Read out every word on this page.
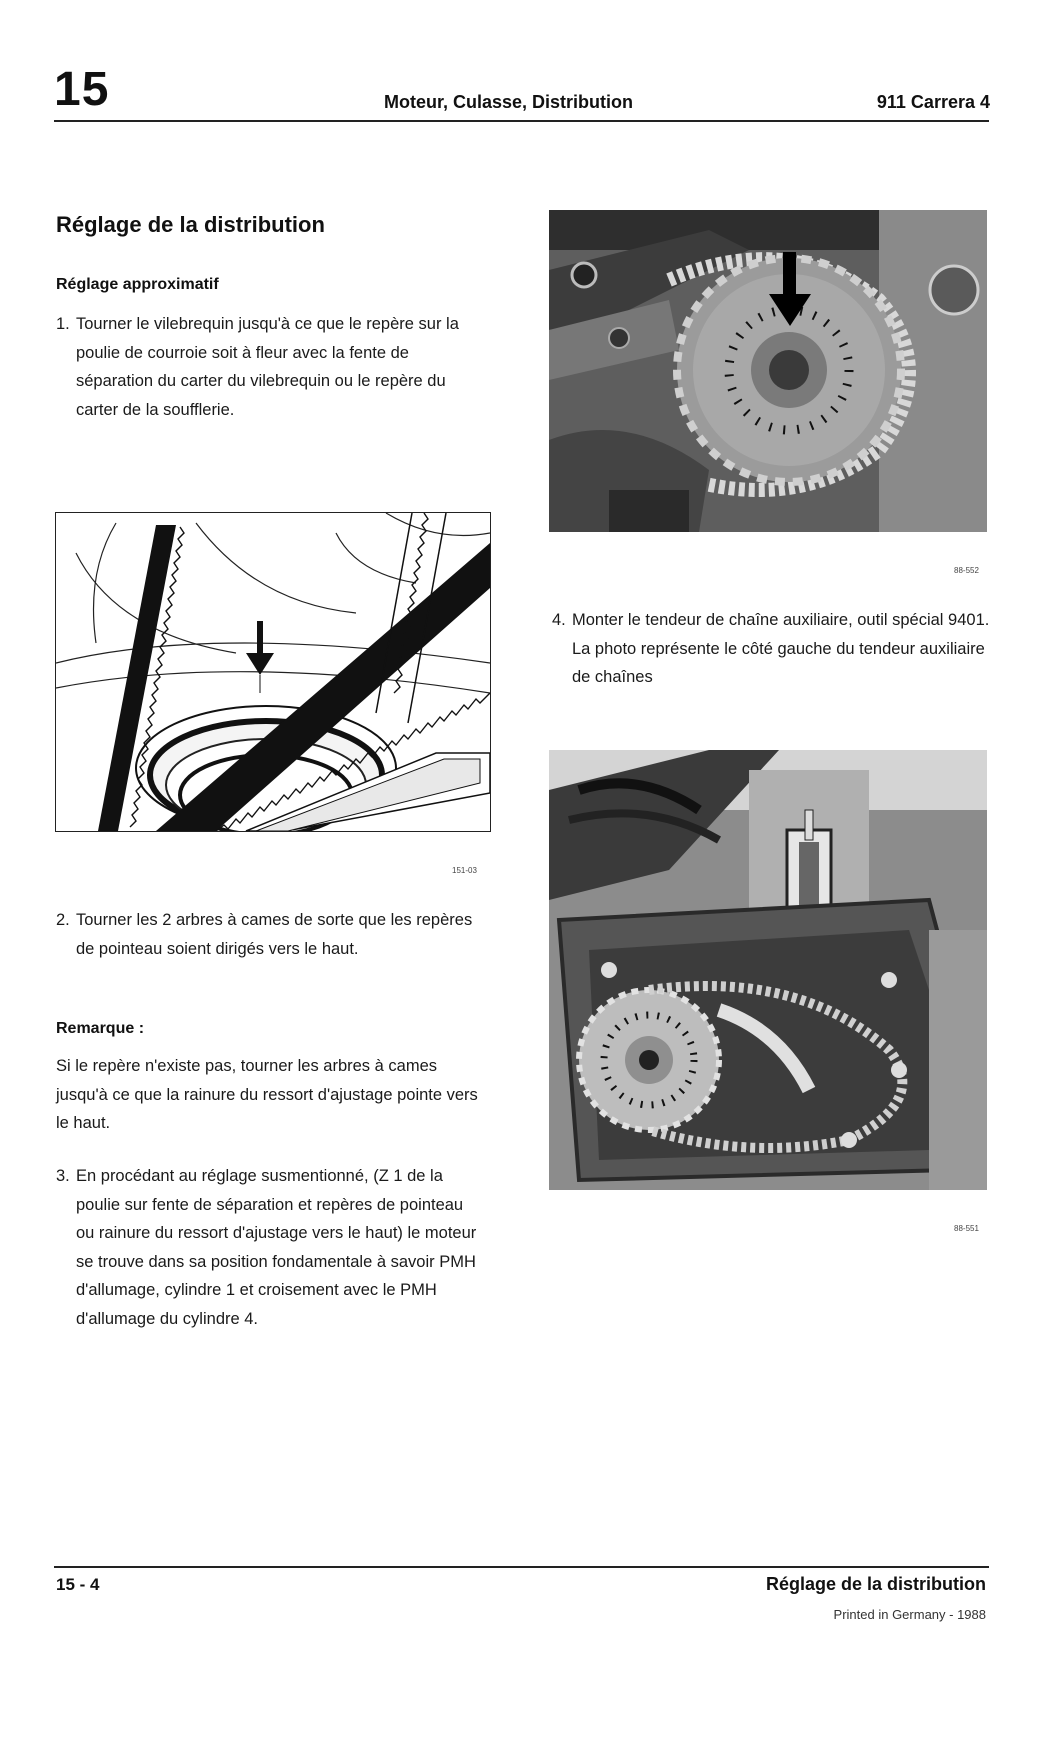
15	Moteur, Culasse, Distribution	911 Carrera 4
Réglage de la distribution
Réglage approximatif
1. Tourner le vilebrequin jusqu'à ce que le repère sur la poulie de courroie soit à fleur avec la fente de séparation du carter du vilebrequin ou le repère du carter de la soufflerie.
151-03
2. Tourner les 2 arbres à cames de sorte que les repères de pointeau soient dirigés vers le haut.
Remarque :
Si le repère n'existe pas, tourner les arbres à cames jusqu'à ce que la rainure du ressort d'ajustage pointe vers le haut.
3. En procédant au réglage susmentionné, (Z 1 de la poulie sur fente de séparation et repères de pointeau ou rainure du ressort d'ajustage vers le haut) le moteur se trouve dans sa position fondamentale à savoir PMH d'allumage, cylindre 1 et croisement avec le PMH d'allumage du cylindre 4.
88-552
4. Monter le tendeur de chaîne auxiliaire, outil spécial 9401. La photo représente le côté gauche du tendeur auxiliaire de chaînes
88-551
15 - 4	Réglage de la distribution
Printed in Germany - 1988
